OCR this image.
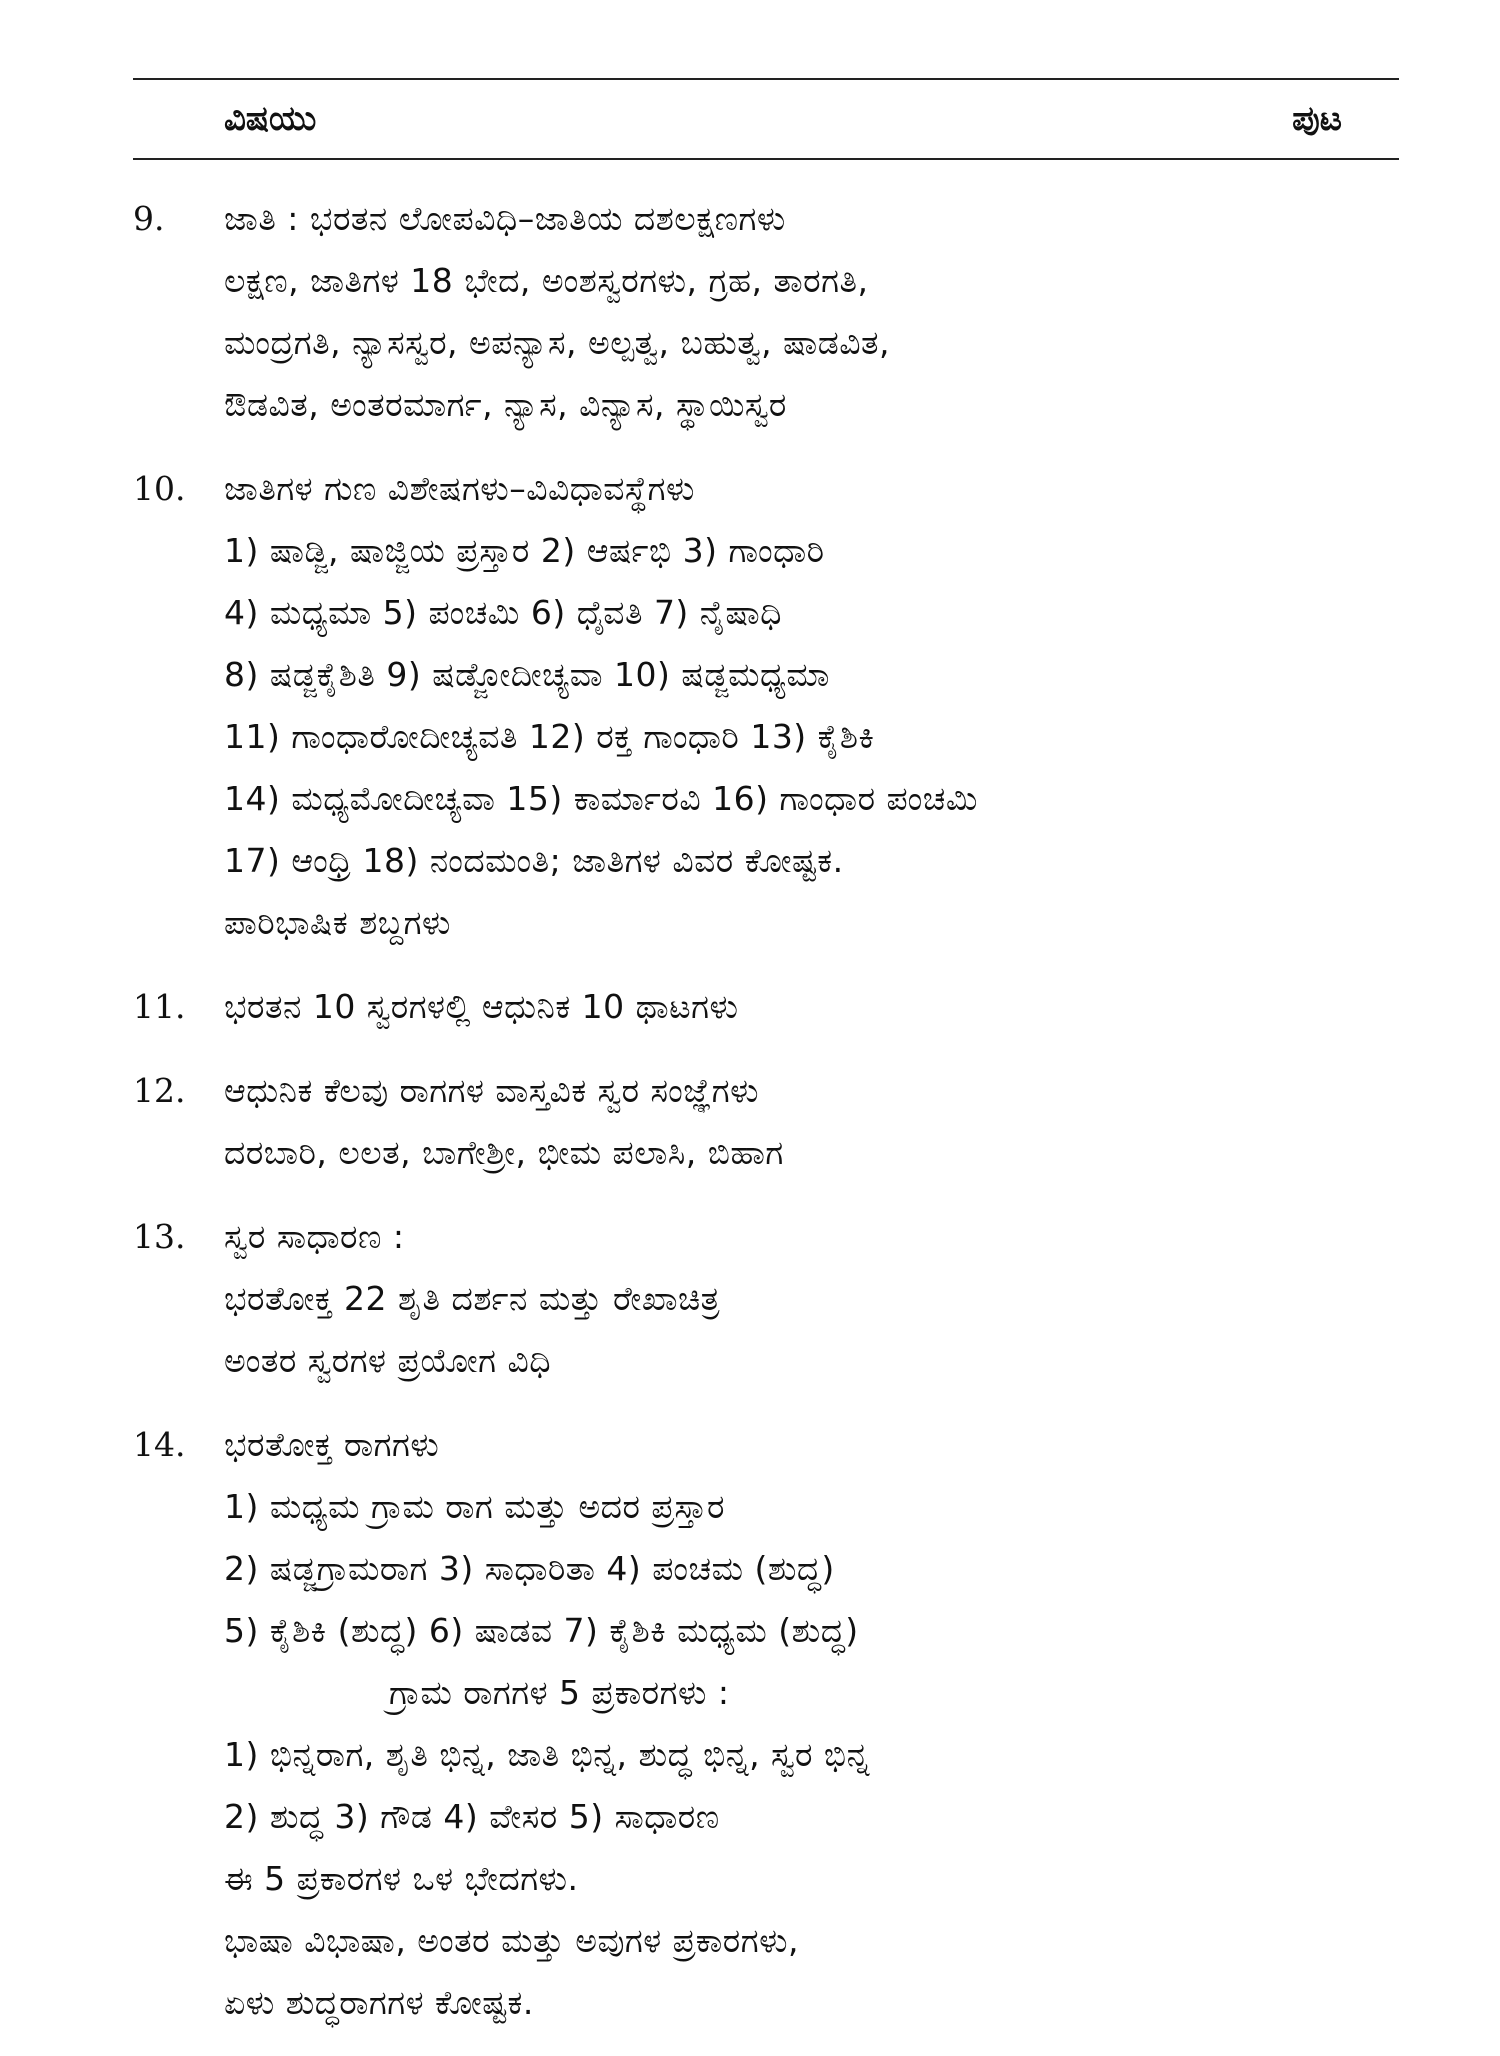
ವಿಷಯು	ಪುಟ
9.	ಜಾತಿ : ಭರತನ ಲೋಪವಿಧಿ–ಜಾತಿಯ ದಶಲಕ್ಷಣಗಳು
ಲಕ್ಷಣ, ಜಾತಿಗಳ 18 ಭೇದ, ಅಂಶಸ್ವರಗಳು, ಗ್ರಹ, ತಾರಗತಿ,
ಮಂದ್ರಗತಿ, ನ್ಯಾಸಸ್ವರ, ಅಪನ್ಯಾಸ, ಅಲ್ಪತ್ವ, ಬಹುತ್ವ, ಷಾಡವಿತ,
ಔಡವಿತ, ಅಂತರಮಾರ್ಗ, ನ್ಯಾಸ, ವಿನ್ಯಾಸ, ಸ್ಥಾಯಿಸ್ವರ
10.	ಜಾತಿಗಳ ಗುಣ ವಿಶೇಷಗಳು–ವಿವಿಧಾವಸ್ಥೆಗಳು
1) ಷಾಡ್ಜಿ, ಷಾಜ್ಜಿಯ ಪ್ರಸ್ತಾರ 2) ಆರ್ಷಭಿ 3) ಗಾಂಧಾರಿ
4) ಮಧ್ಯಮಾ 5) ಪಂಚಮಿ 6) ಧೈವತಿ 7) ನೈಷಾಧಿ
8) ಷಡ್ಜಕೈಶಿತಿ 9) ಷಡ್ಜೋದೀಚ್ಯವಾ 10) ಷಡ್ಜಮಧ್ಯಮಾ
11) ಗಾಂಧಾರೋದೀಚ್ಯವತಿ 12) ರಕ್ತ ಗಾಂಧಾರಿ 13) ಕೈಶಿಕಿ
14) ಮಧ್ಯಮೋದೀಚ್ಯವಾ 15) ಕಾರ್ಮಾರವಿ 16) ಗಾಂಧಾರ ಪಂಚಮಿ
17) ಆಂಧ್ರಿ 18) ನಂದಮಂತಿ; ಜಾತಿಗಳ ವಿವರ ಕೋಷ್ಟಕ.
ಪಾರಿಭಾಷಿಕ ಶಬ್ದಗಳು
11.	ಭರತನ 10 ಸ್ವರಗಳಲ್ಲಿ ಆಧುನಿಕ 10 ಥಾಟಗಳು
12.	ಆಧುನಿಕ ಕೆಲವು ರಾಗಗಳ ವಾಸ್ತವಿಕ ಸ್ವರ ಸಂಜ್ಞೆಗಳು
ದರಬಾರಿ, ಲಲತ, ಬಾಗೇಶ್ರೀ, ಭೀಮ ಪಲಾಸಿ, ಬಿಹಾಗ
13.	ಸ್ವರ ಸಾಧಾರಣ :
ಭರತೋಕ್ತ 22 ಶೃತಿ ದರ್ಶನ ಮತ್ತು ರೇಖಾಚಿತ್ರ
ಅಂತರ ಸ್ವರಗಳ ಪ್ರಯೋಗ ವಿಧಿ
14.	ಭರತೋಕ್ತ ರಾಗಗಳು
1) ಮಧ್ಯಮ ಗ್ರಾಮ ರಾಗ ಮತ್ತು ಅದರ ಪ್ರಸ್ತಾರ
2) ಷಡ್ಜಗ್ರಾಮರಾಗ 3) ಸಾಧಾರಿತಾ 4) ಪಂಚಮ (ಶುದ್ಧ)
5) ಕೈಶಿಕಿ (ಶುದ್ಧ) 6) ಷಾಡವ 7) ಕೈಶಿಕಿ ಮಧ್ಯಮ (ಶುದ್ಧ)
ಗ್ರಾಮ ರಾಗಗಳ 5 ಪ್ರಕಾರಗಳು :
1) ಭಿನ್ನರಾಗ, ಶೃತಿ ಭಿನ್ನ, ಜಾತಿ ಭಿನ್ನ, ಶುದ್ಧ ಭಿನ್ನ, ಸ್ವರ ಭಿನ್ನ
2) ಶುದ್ಧ 3) ಗೌಡ 4) ವೇಸರ 5) ಸಾಧಾರಣ
ಈ 5 ಪ್ರಕಾರಗಳ ಒಳ ಭೇದಗಳು.
ಭಾಷಾ ವಿಭಾಷಾ, ಅಂತರ ಮತ್ತು ಅವುಗಳ ಪ್ರಕಾರಗಳು,
ಏಳು ಶುದ್ಧರಾಗಗಳ ಕೋಷ್ಟಕ.
